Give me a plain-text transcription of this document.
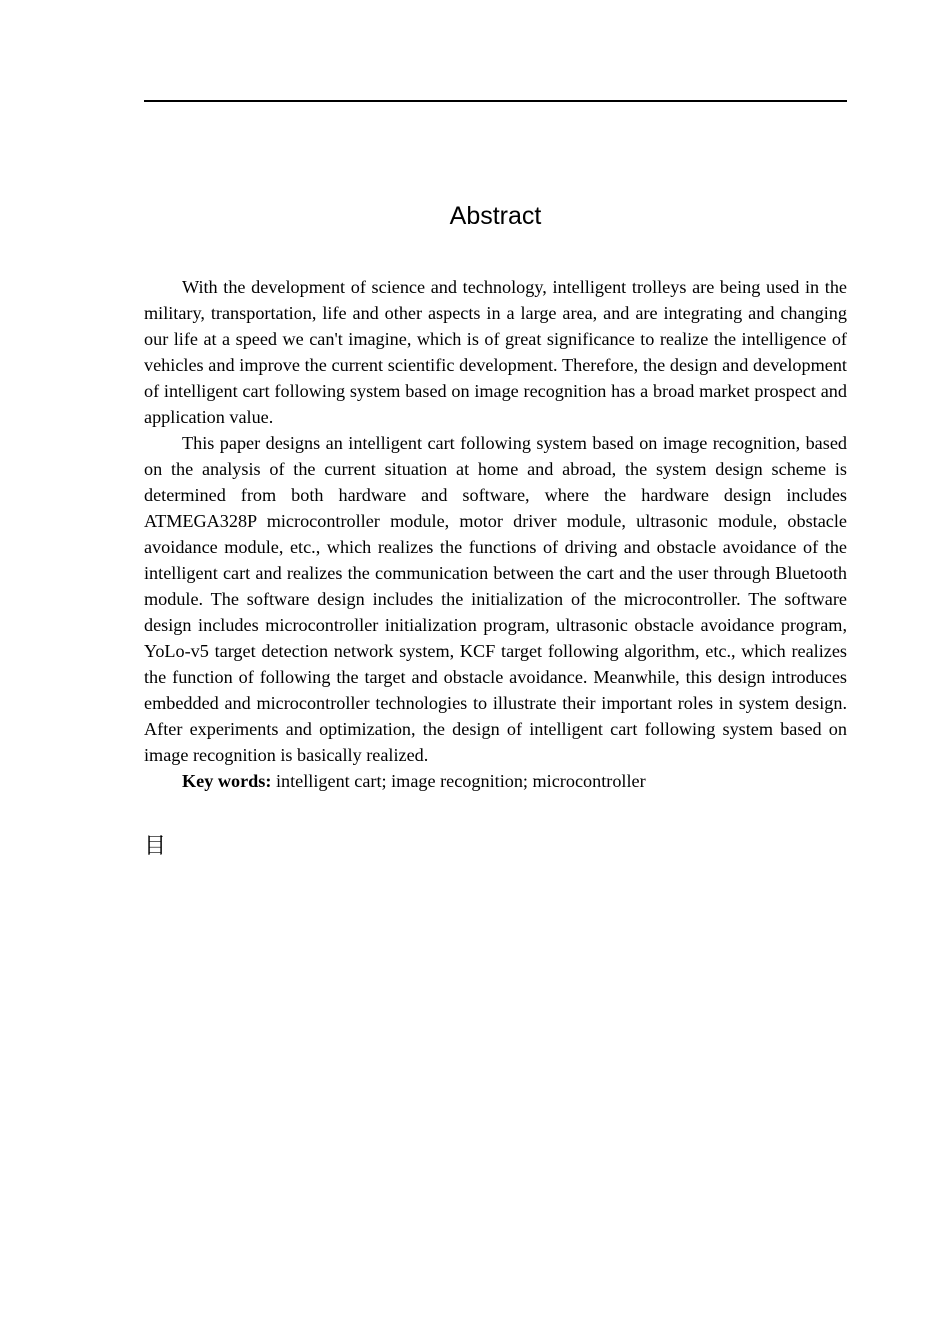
Abstract

With the development of science and technology, intelligent trolleys are being used in the military, transportation, life and other aspects in a large area, and are integrating and changing our life at a speed we can't imagine, which is of great significance to realize the intelligence of vehicles and improve the current scientific development. Therefore, the design and development of intelligent cart following system based on image recognition has a broad market prospect and application value.

This paper designs an intelligent cart following system based on image recognition, based on the analysis of the current situation at home and abroad, the system design scheme is determined from both hardware and software, where the hardware design includes ATMEGA328P microcontroller module, motor driver module, ultrasonic module, obstacle avoidance module, etc., which realizes the functions of driving and obstacle avoidance of the intelligent cart and realizes the communication between the cart and the user through Bluetooth module. The software design includes the initialization of the microcontroller. The software design includes microcontroller initialization program, ultrasonic obstacle avoidance program, YoLo-v5 target detection network system, KCF target following algorithm, etc., which realizes the function of following the target and obstacle avoidance. Meanwhile, this design introduces embedded and microcontroller technologies to illustrate their important roles in system design. After experiments and optimization, the design of intelligent cart following system based on image recognition is basically realized.

Key words: intelligent cart; image recognition; microcontroller

目
